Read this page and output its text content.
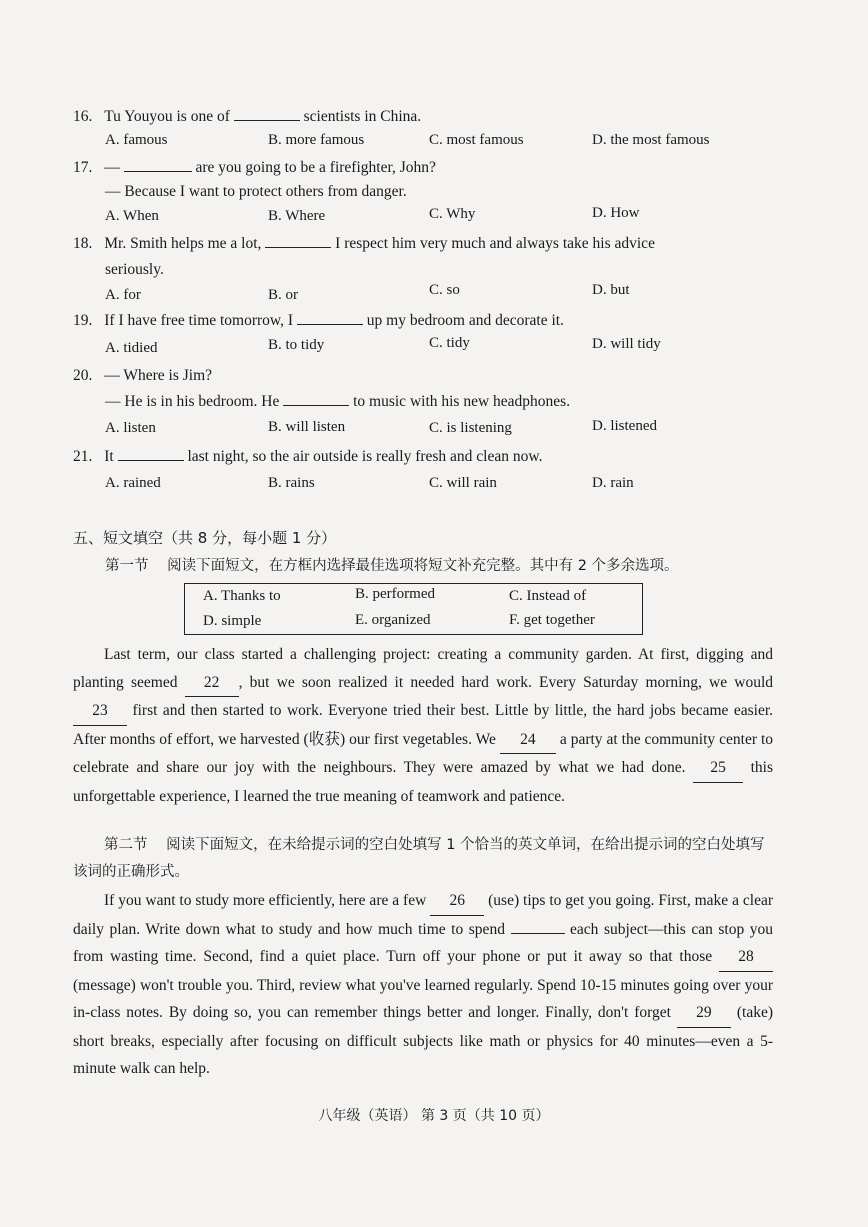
16. Tu Youyou is one of	scientists in China.
A. famous	B. more famous	C. most famous	D. the most famous
17. —	are you going to be a firefighter, John?
— Because I want to protect others from danger.
A. When	B. Where	C. Why	D. How
18. Mr. Smith helps me a lot,	I respect him very much and always take his advice
seriously.
A. for	B. or	C. so	D. but
19. If I have free time tomorrow, I	up my bedroom and decorate it.
A. tidied	B. to tidy	C. tidy	D. will tidy
20. — Where is Jim?
— He is in his bedroom. He	to music with his new headphones.
A. listen	B. will listen	C. is listening	D. listened
21. It	last night, so the air outside is really fresh and clean now.
A. rained	B. rains	C. will rain	D. rain
五、短文填空（共 8 分，每小题 1 分）
第一节 阅读下面短文，在方框内选择最佳选项将短文补充完整。其中有 2 个多余选项。
A. Thanks to	B. performed	C. Instead of
D. simple	E. organized	F. get together
Last term, our class started a challenging project: creating a community garden. At first, digging and planting seemed 22 , but we soon realized it needed hard work. Every Saturday morning, we would 23 first and then started to work. Everyone tried their best. Little by little, the hard jobs became easier. After months of effort, we harvested (收获) our first vegetables. We 24 a party at the community center to celebrate and share our joy with the neighbours. They were amazed by what we had done. 25 this unforgettable experience, I learned the true meaning of teamwork and patience.
第二节 阅读下面短文，在未给提示词的空白处填写 1 个恰当的英文单词，在给出提示词的空白处填写该词的正确形式。
If you want to study more efficiently, here are a few 26 (use) tips to get you going. First, make a clear daily plan. Write down what to study and how much time to spend	each subject—this can stop you from wasting time. Second, find a quiet place. Turn off your phone or put it away so that those 28 (message) won't trouble you. Third, review what you've learned regularly. Spend 10-15 minutes going over your in-class notes. By doing so, you can remember things better and longer. Finally, don't forget 29 (take) short breaks, especially after focusing on difficult subjects like math or physics for 40 minutes—even a 5-minute walk can help.
八年级（英语） 第 3 页（共 10 页）
